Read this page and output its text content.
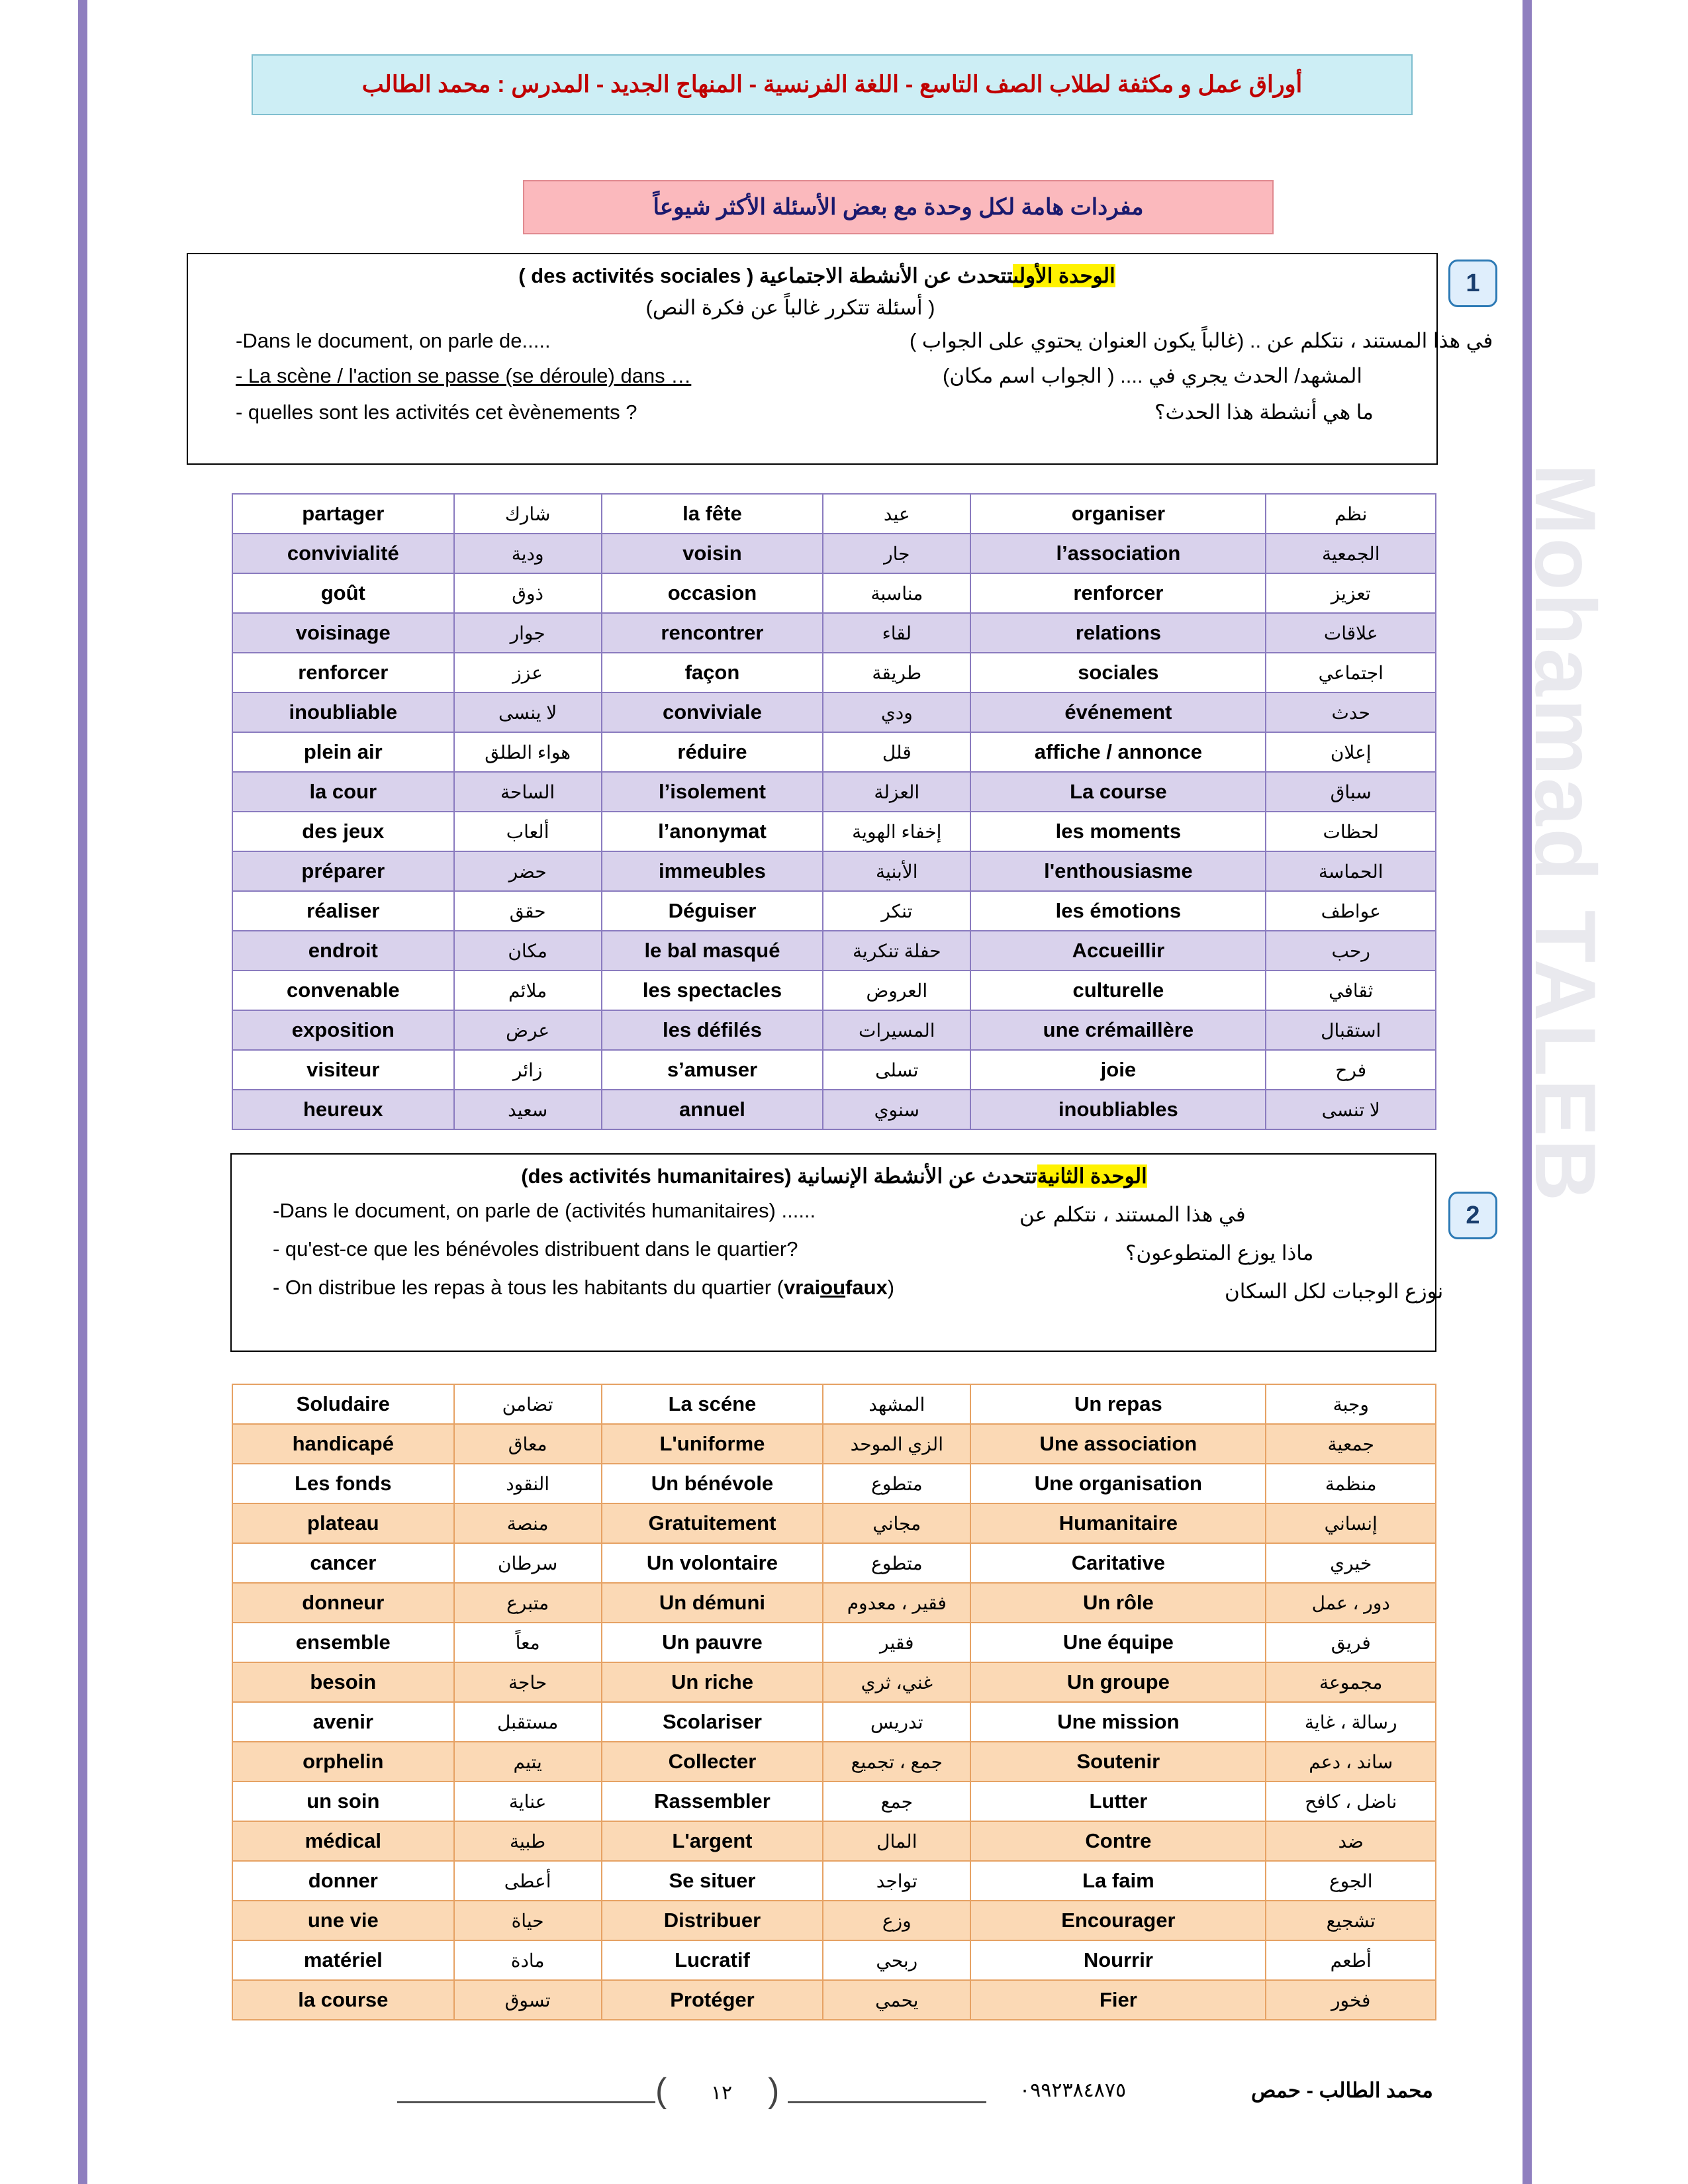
Mohamad TALEB
أوراق عمل و مكثفة لطلاب الصف التاسع - اللغة الفرنسية - المنهاج الجديد - المدرس : محمد الطالب
مفردات هامة لكل وحدة مع بعض الأسئلة الأكثر شيوعاً
الوحدة الأولىتتحدث عن الأنشطة الاجتماعية ( des activités sociales )
( أسئلة تتكرر غالباً عن فكرة النص)
في هذا المستند ، نتكلم عن .. (غالباً يكون العنوان يحتوي على الجواب )
-Dans le document, on parle de.....
المشهد/ الحدث يجري في .... ( الجواب اسم مكان)
- La scène / l'action se passe (se déroule) dans …
ما هي أنشطة هذا الحدث؟
- quelles sont les activités cet èvènements ?
1
partager	شارك	la fête	عيد	organiser	نظم
convivialité	ودية	voisin	جار	l’association	الجمعية
goût	ذوق	occasion	مناسبة	renforcer	تعزيز
voisinage	جوار	rencontrer	لقاء	relations	علاقات
renforcer	عزز	façon	طريقة	sociales	اجتماعي
inoubliable	لا ينسى	conviviale	ودي	événement	حدث
plein air	هواء الطلق	réduire	قلل	affiche / annonce	إعلان
la cour	الساحة	l’isolement	العزلة	La course	سباق
des jeux	ألعاب	l’anonymat	إخفاء الهوية	les moments	لحظات
préparer	حضر	immeubles	الأبنية	l'enthousiasme	الحماسة
réaliser	حقق	Déguiser	تنكر	les émotions	عواطف
endroit	مكان	le bal masqué	حفلة تنكرية	Accueillir	رحب
convenable	ملائم	les spectacles	العروض	culturelle	ثقافي
exposition	عرض	les défilés	المسيرات	une crémaillère	استقبال
visiteur	زائر	s’amuser	تسلى	joie	فرح
heureux	سعيد	annuel	سنوي	inoubliables	لا تنسى
الوحدة الثانيةتتحدث عن الأنشطة الإنسانية (des activités humanitaires)
في هذا المستند ، نتكلم عن
-Dans le document, on parle de (activités humanitaires) ......
ماذا يوزع المتطوعون؟
- qu'est-ce que les bénévoles distribuent dans le quartier?
نوزع الوجبات لكل السكان
- On distribue les repas à tous les habitants du quartier (vraioufaux)
2
Soludaire	تضامن	La scéne	المشهد	Un repas	وجبة
handicapé	معاق	L'uniforme	الزي الموحد	Une association	جمعية
Les fonds	النقود	Un bénévole	متطوع	Une organisation	منظمة
plateau	منصة	Gratuitement	مجاني	Humanitaire	إنساني
cancer	سرطان	Un volontaire	متطوع	Caritative	خيري
donneur	متبرع	Un démuni	فقير ، معدوم	Un rôle	دور ، عمل
ensemble	معاً	Un pauvre	فقير	Une équipe	فريق
besoin	حاجة	Un riche	غني، ثري	Un groupe	مجموعة
avenir	مستقبل	Scolariser	تدريس	Une mission	رسالة ، غاية
orphelin	يتيم	Collecter	جمع ، تجميع	Soutenir	ساند ، دعم
un soin	عناية	Rassembler	جمع	Lutter	ناضل ، كافح
médical	طبية	L'argent	المال	Contre	ضد
donner	أعطى	Se situer	تواجد	La faim	الجوع
une vie	حياة	Distribuer	وزع	Encourager	تشجيع
matériel	مادة	Lucratif	ربحي	Nourrir	أطعم
la course	تسوق	Protéger	يحمي	Fier	فخور
(	)
١٢	٠٩٩٢٣٨٤٨٧٥	محمد الطالب - حمص
